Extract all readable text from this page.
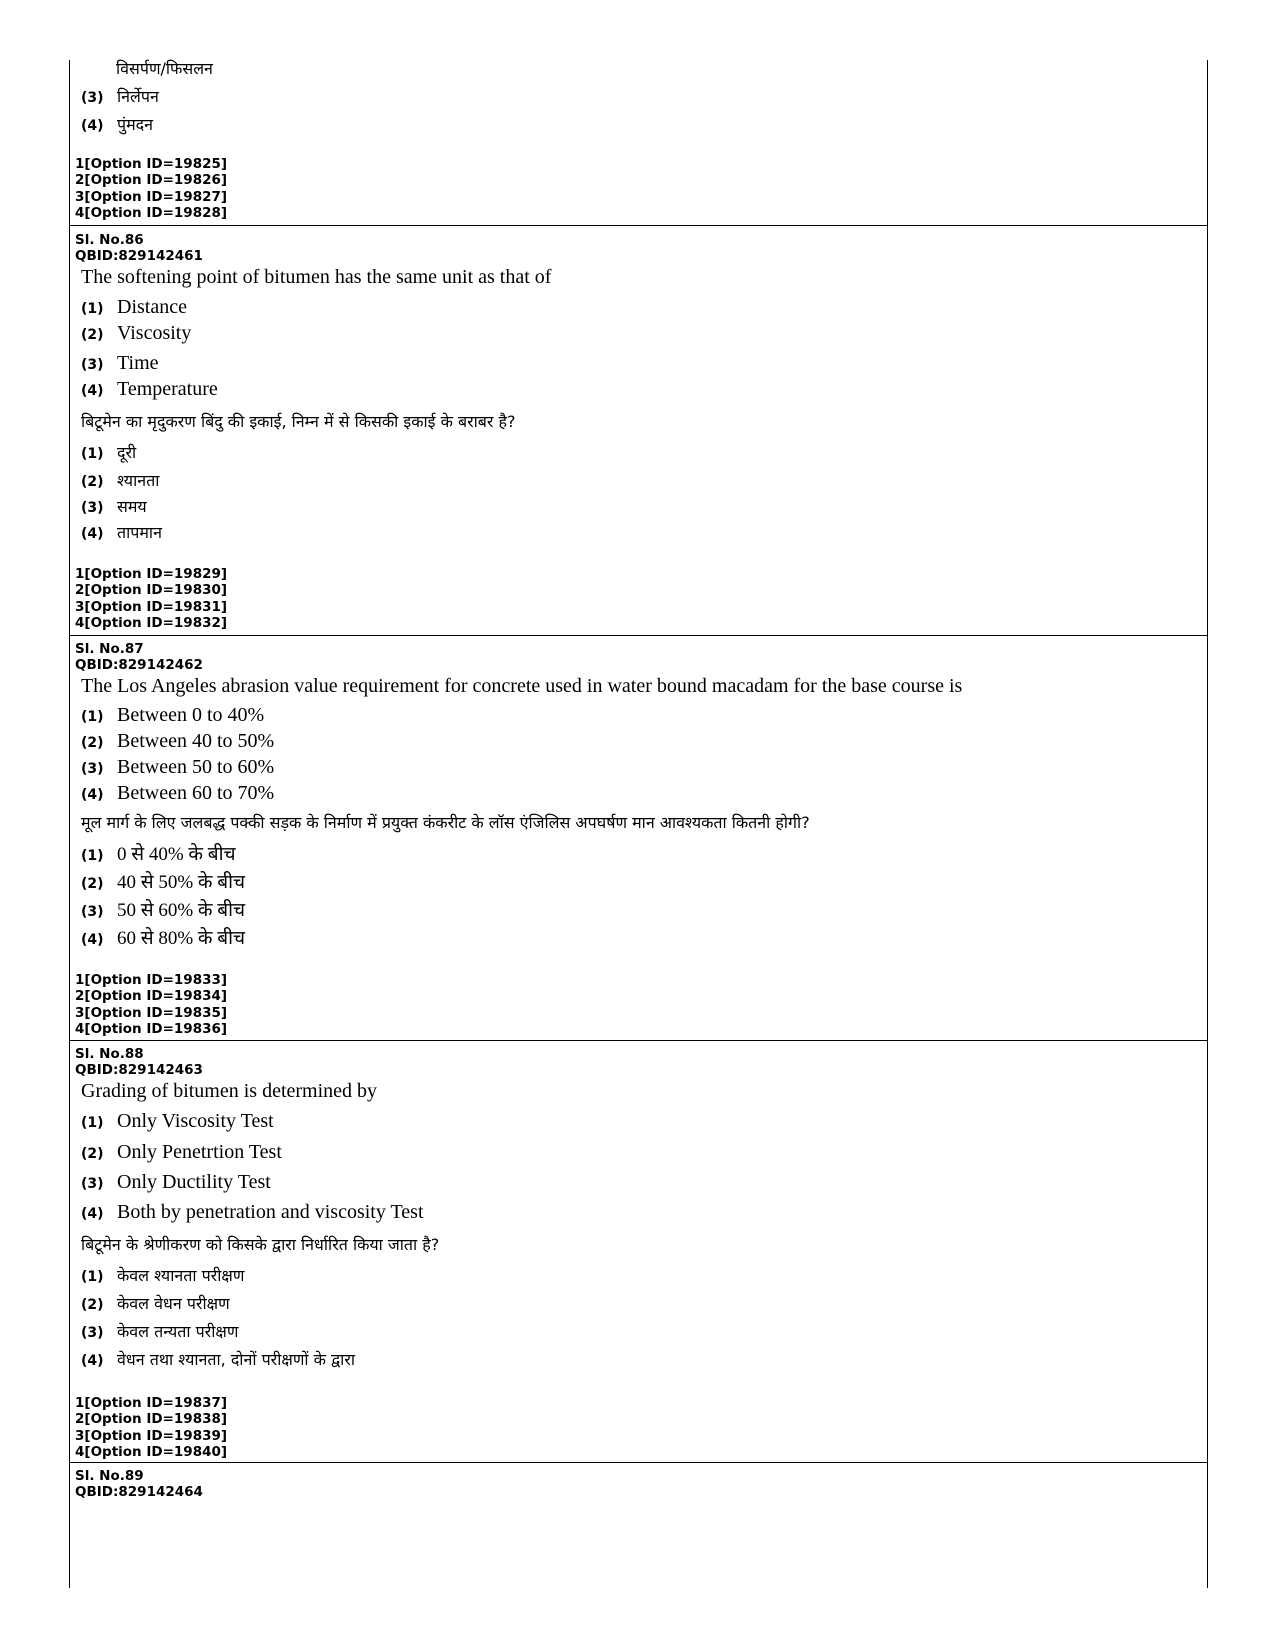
विसर्पण/फिसलन
(3) निर्लेपन
(4) पुंमदन
1[Option ID=19825]
2[Option ID=19826]
3[Option ID=19827]
4[Option ID=19828]
Sl. No.86
QBID:829142461
The softening point of bitumen has the same unit as that of
(1) Distance
(2) Viscosity
(3) Time
(4) Temperature
बिटूमेन का मृदुकरण बिंदु की इकाई, निम्न में से किसकी इकाई के बराबर है?
(1) दूरी
(2) श्यानता
(3) समय
(4) तापमान
1[Option ID=19829]
2[Option ID=19830]
3[Option ID=19831]
4[Option ID=19832]
Sl. No.87
QBID:829142462
The Los Angeles abrasion value requirement for concrete used in water bound macadam for the base course is
(1) Between 0 to 40%
(2) Between 40 to 50%
(3) Between 50 to 60%
(4) Between 60 to 70%
मूल मार्ग के लिए जलबद्ध पक्की सड़क के निर्माण में प्रयुक्त कंकरीट के लॉस एंजिलिस अपघर्षण मान आवश्यकता कितनी होगी?
(1) 0 से 40% के बीच
(2) 40 से 50% के बीच
(3) 50 से 60% के बीच
(4) 60 से 80% के बीच
1[Option ID=19833]
2[Option ID=19834]
3[Option ID=19835]
4[Option ID=19836]
Sl. No.88
QBID:829142463
Grading of bitumen is determined by
(1) Only Viscosity Test
(2) Only Penetrtion Test
(3) Only Ductility Test
(4) Both by penetration and viscosity Test
बिटूमेन के श्रेणीकरण को किसके द्वारा निर्धारित किया जाता है?
(1) केवल श्यानता परीक्षण
(2) केवल वेधन परीक्षण
(3) केवल तन्यता परीक्षण
(4) वेधन तथा श्यानता, दोनों परीक्षणों के द्वारा
1[Option ID=19837]
2[Option ID=19838]
3[Option ID=19839]
4[Option ID=19840]
Sl. No.89
QBID:829142464
